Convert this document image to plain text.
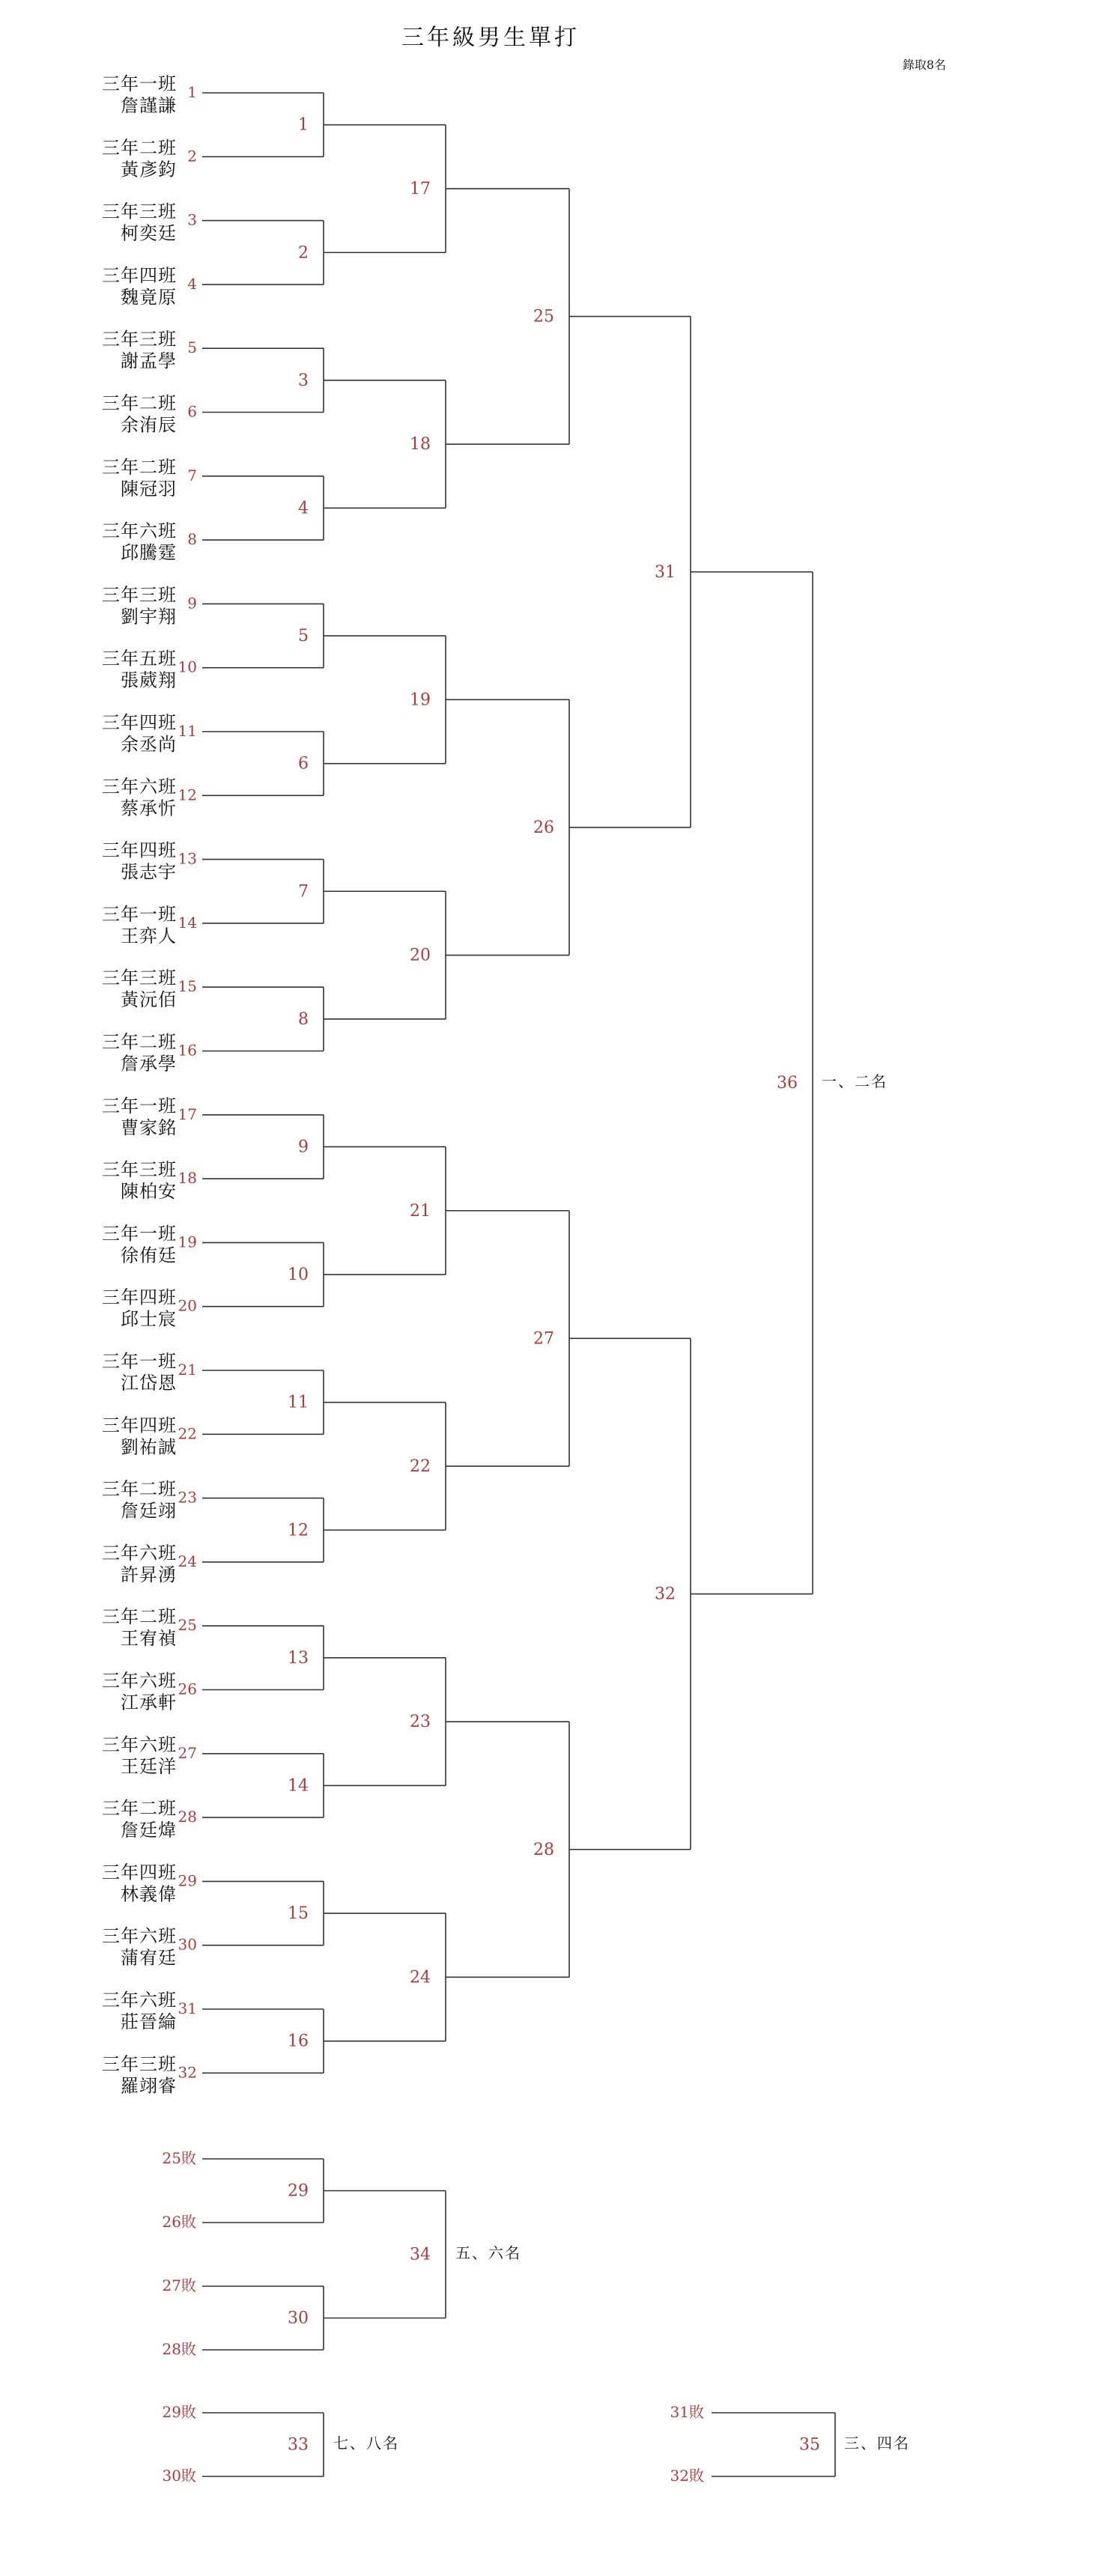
三年級男生單打
錄取8名
三年一班
詹謹謙
1
三年二班
黃彥鈞
2
三年三班
柯奕廷
3
三年四班
魏竟原
4
三年三班
謝孟學
5
三年二班
余洧辰
6
三年二班
陳冠羽
7
三年六班
邱騰霆
8
三年三班
劉宇翔
9
三年五班
張葳翔
10
三年四班
余丞尚
11
三年六班
蔡承忻
12
三年四班
張志宇
13
三年一班
王弈人
14
三年三班
黃沅佰
15
三年二班
詹承學
16
三年一班
曹家銘
17
三年三班
陳柏安
18
三年一班
徐侑廷
19
三年四班
邱士宸
20
三年一班
江岱恩
21
三年四班
劉祐誠
22
三年二班
詹廷翊
23
三年六班
許昇湧
24
三年二班
王宥禎
25
三年六班
江承軒
26
三年六班
王廷洋
27
三年二班
詹廷煒
28
三年四班
林義偉
29
三年六班
蒲宥廷
30
三年六班
莊晉綸
31
三年三班
羅翊睿
32
1
2
3
4
5
6
7
8
9
10
11
12
13
14
15
16
17
18
19
20
21
22
23
24
25
26
27
28
31
32
36 一、二名
25敗
26敗
27敗
28敗
29
30
34 五、六名
29敗
30敗
33 七、八名
31敗
32敗
35 三、四名
